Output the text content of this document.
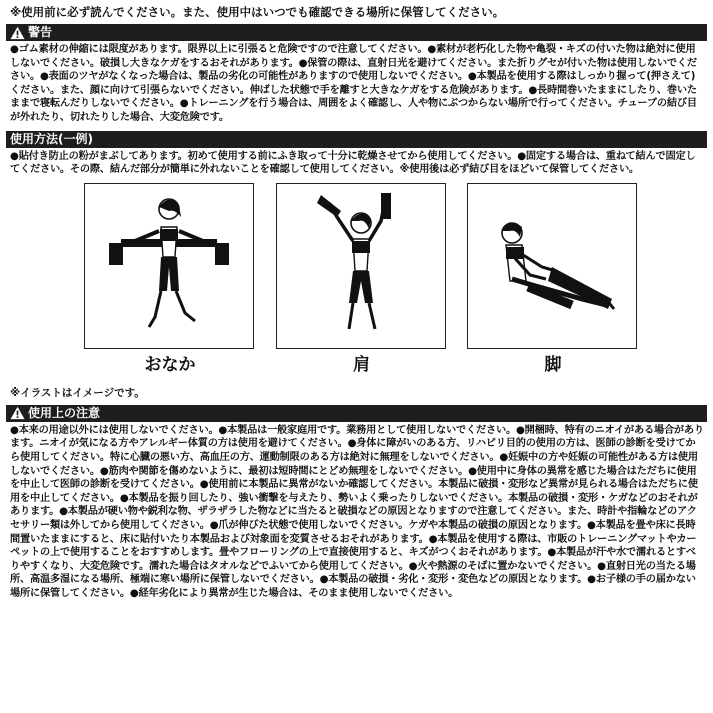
※使用前に必ず読んでください。また、使用中はいつでも確認できる場所に保管してください。
警告
●ゴム素材の伸縮には限度があります。限界以上に引張ると危険ですので注意してください。●素材が老朽化した物や亀裂・キズの付いた物は絶対に使用しないでください。破損し大きなケガをするおそれがあります。●保管の際は、直射日光を避けてください。また折りグセが付いた物は使用しないでください。●表面のツヤがなくなった場合は、製品の劣化の可能性がありますので使用しないでください。●本製品を使用する際はしっかり握って(押さえて)ください。また、顔に向けて引張らないでください。伸ばした状態で手を離すと大きなケガをする危険があります。●長時間巻いたままにしたり、巻いたままで寝転んだりしないでください。●トレーニングを行う場合は、周囲をよく確認し、人や物にぶつからない場所で行ってください。チューブの結び目が外れたり、切れたりした場合、大変危険です。
使用方法(一例)
●貼付き防止の粉がまぶしてあります。初めて使用する前にふき取って十分に乾燥させてから使用してください。●固定する場合は、重ねて結んで固定してください。その際、結んだ部分が簡単に外れないことを確認して使用してください。※使用後は必ず結び目をほどいて保管してください。
おなか	肩	脚
※イラストはイメージです。
使用上の注意
●本来の用途以外には使用しないでください。●本製品は一般家庭用です。業務用として使用しないでください。●開梱時、特有のニオイがある場合があります。ニオイが気になる方やアレルギー体質の方は使用を避けてください。●身体に障がいのある方、リハビリ目的の使用の方は、医師の診断を受けてから使用してください。特に心臓の悪い方、高血圧の方、運動制限のある方は絶対に無理をしないでください。●妊娠中の方や妊娠の可能性がある方は使用しないでください。●筋肉や関節を傷めないように、最初は短時間にとどめ無理をしないでください。●使用中に身体の異常を感じた場合はただちに使用を中止して医師の診断を受けてください。●使用前に本製品に異常がないか確認してください。本製品に破損・変形など異常が見られる場合はただちに使用を中止してください。●本製品を振り回したり、強い衝撃を与えたり、勢いよく乗ったりしないでください。本製品の破損・変形・ケガなどのおそれがあります。●本製品が硬い物や鋭利な物、ザラザラした物などに当たると破損などの原因となりますので注意してください。また、時計や指輪などのアクセサリー類は外してから使用してください。●爪が伸びた状態で使用しないでください。ケガや本製品の破損の原因となります。●本製品を畳や床に長時間置いたままにすると、床に貼付いたり本製品および対象面を変質させるおそれがあります。●本製品を使用する際は、市販のトレーニングマットやカーペットの上で使用することをおすすめします。畳やフローリングの上で直接使用すると、キズがつくおそれがあります。●本製品が汗や水で濡れるとすべりやすくなり、大変危険です。濡れた場合はタオルなどでふいてから使用してください。●火や熱源のそばに置かないでください。●直射日光の当たる場所、高温多湿になる場所、極端に寒い場所に保管しないでください。●本製品の破損・劣化・変形・変色などの原因となります。●お子様の手の届かない場所に保管してください。●経年劣化により異常が生じた場合は、そのまま使用しないでください。
